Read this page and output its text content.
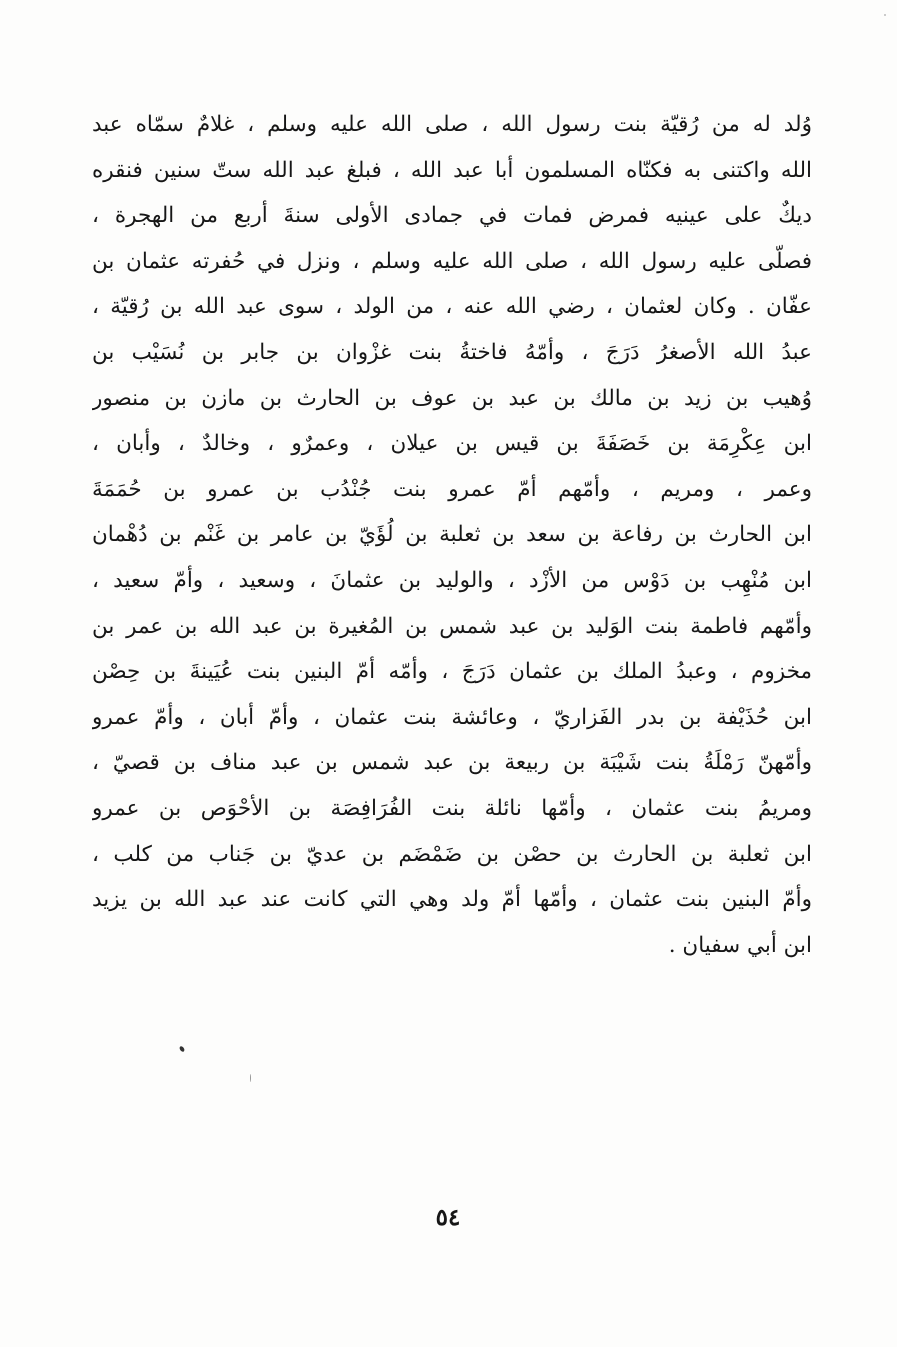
وُلد له من رُقيّة بنت رسول الله ، صلى الله عليه وسلم ، غلامٌ سمّاه عبد
الله واكتنى به فكنّاه المسلمون أبا عبد الله ، فبلغ عبد الله ستّ سنين فنقره
ديكٌ على عينيه فمرض فمات في جمادى الأولى سنةَ أربع من الهجرة ،
فصلّى عليه رسول الله ، صلى الله عليه وسلم ، ونزل في حُفرته عثمان بن
عفّان . وكان لعثمان ، رضي الله عنه ، من الولد ، سوى عبد الله بن رُقيّة ،
عبدُ الله الأصغرُ دَرَجَ ، وأمّهُ فاختةُ بنت غزْوان بن جابر بن نُسَيْب بن
وُهيب بن زيد بن مالك بن عبد بن عوف بن الحارث بن مازن بن منصور
ابن عِكْرِمَة بن خَصَفَةَ بن قيس بن عيلان ، وعمرٌو ، وخالدٌ ، وأبان ،
وعمر ، ومريم ، وأمّهم أمّ عمرو بنت جُنْدُب بن عمرو بن حُمَمَةَ
ابن الحارث بن رفاعة بن سعد بن ثعلبة بن لُؤَيّ بن عامر بن غَنْم بن دُهْمان
ابن مُنْهِب بن دَوْس من الأزْد ، والوليد بن عثمانَ ، وسعيد ، وأمّ سعيد ،
وأمّهم فاطمة بنت الوَليد بن عبد شمس بن المُغيرة بن عبد الله بن عمر بن
مخزوم ، وعبدُ الملك بن عثمان دَرَجَ ، وأمّه أمّ البنين بنت عُيَينةَ بن حِصْن
ابن حُذَيْفة بن بدر الفَزاريّ ، وعائشة بنت عثمان ، وأمّ أبان ، وأمّ عمرو
وأمّهنّ رَمْلَةُ بنت شَيْبَة بن ربيعة بن عبد شمس بن عبد مناف بن قصيّ ،
ومريمُ بنت عثمان ، وأمّها نائلة بنت الفُرَافِصَة بن الأحْوَص بن عمرو
ابن ثعلبة بن الحارث بن حصْن بن ضَمْضَم بن عديّ بن جَناب من كلب ،
وأمّ البنين بنت عثمان ، وأمّها أمّ ولد وهي التي كانت عند عبد الله بن يزيد
ابن أبي سفيان .
٥٤
